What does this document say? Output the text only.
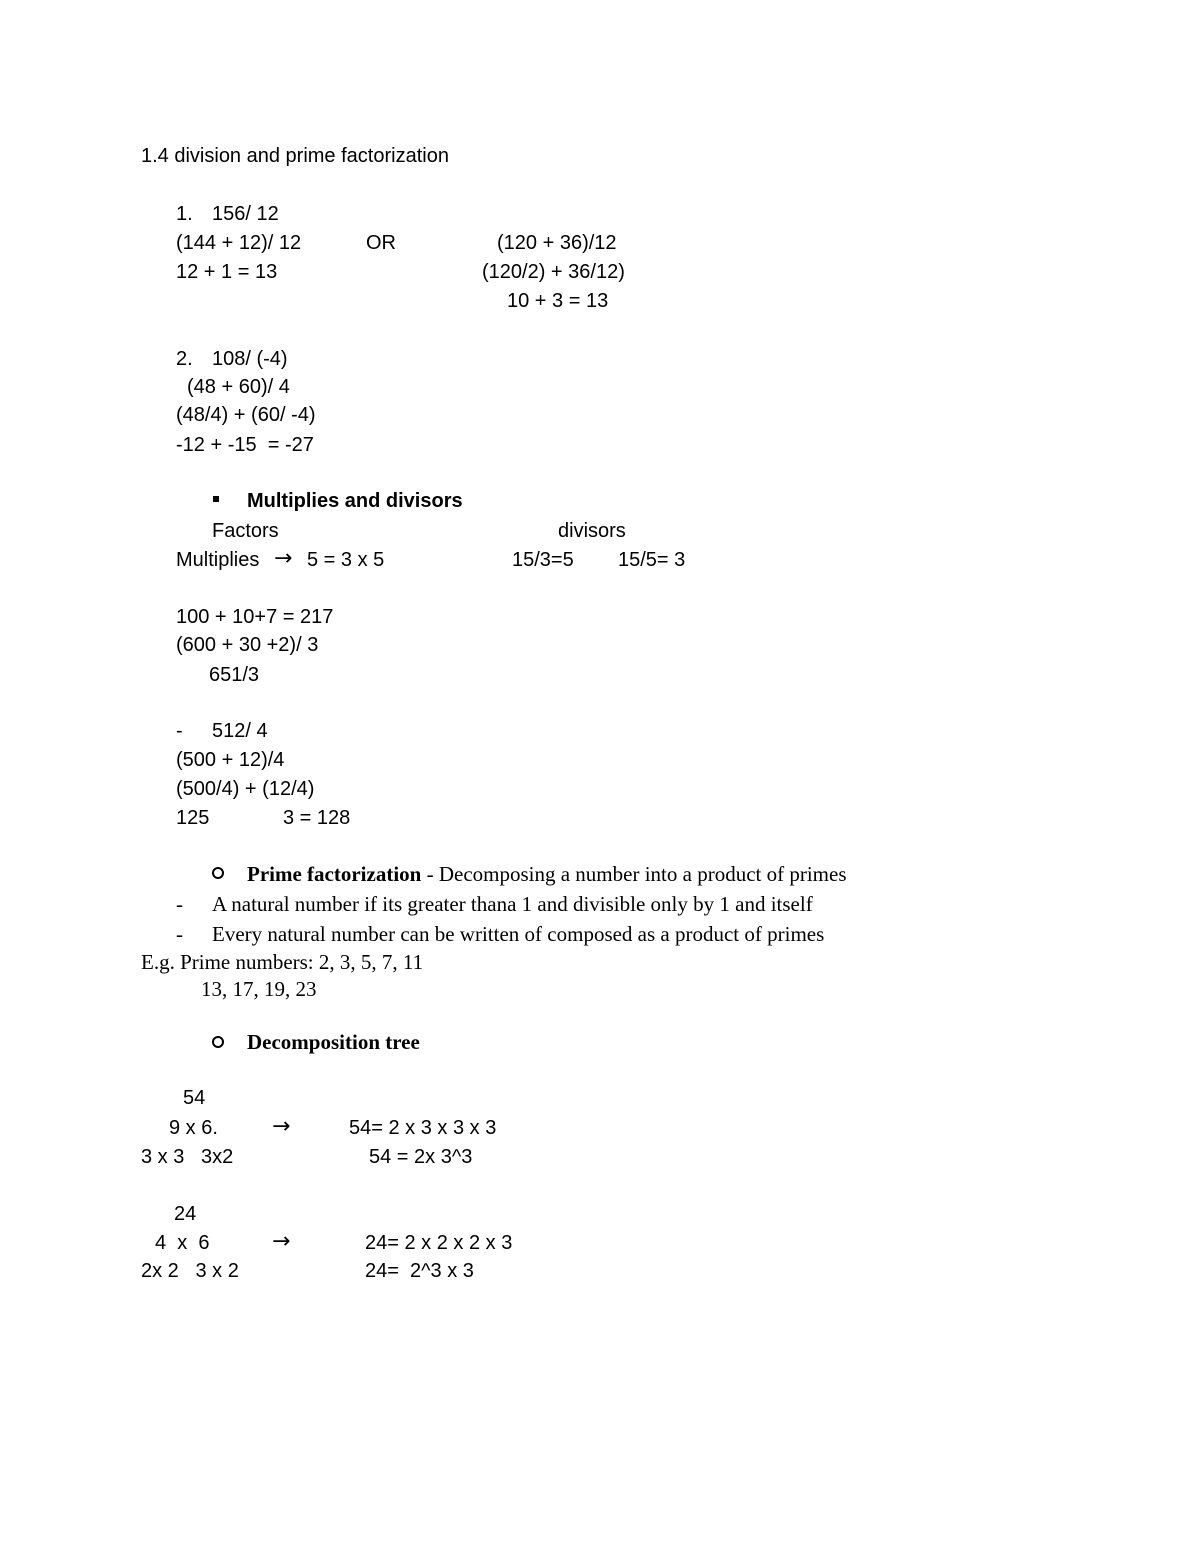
1.4 division and prime factorization
1. 156/ 12
(144 + 12)/ 12	OR	(120 + 36)/12
12 + 1 = 13	(120/2) + 36/12)
10 + 3 = 13
2. 108/ (-4)
(48 + 60)/ 4
(48/4) + (60/ -4)
-12 + -15  = -27
Multiplies and divisors
Factors	divisors
Multiplies → 5 = 3 x 5	15/3=5 15/5= 3
100 + 10+7 = 217
(600 + 30 +2)/ 3
651/3
- 512/ 4
(500 + 12)/4
(500/4) + (12/4)
125	3 = 128
Prime factorization - Decomposing a number into a product of primes
- A natural number if its greater thana 1 and divisible only by 1 and itself
- Every natural number can be written of composed as a product of primes
E.g. Prime numbers: 2, 3, 5, 7, 11
13, 17, 19, 23
Decomposition tree
54
9 x 6. →	54= 2 x 3 x 3 x 3
3 x 3   3x2	54 = 2x 3^3
24
4  x  6	→	24= 2 x 2 x 2 x 3
2x 2   3 x 2	24=  2^3 x 3
